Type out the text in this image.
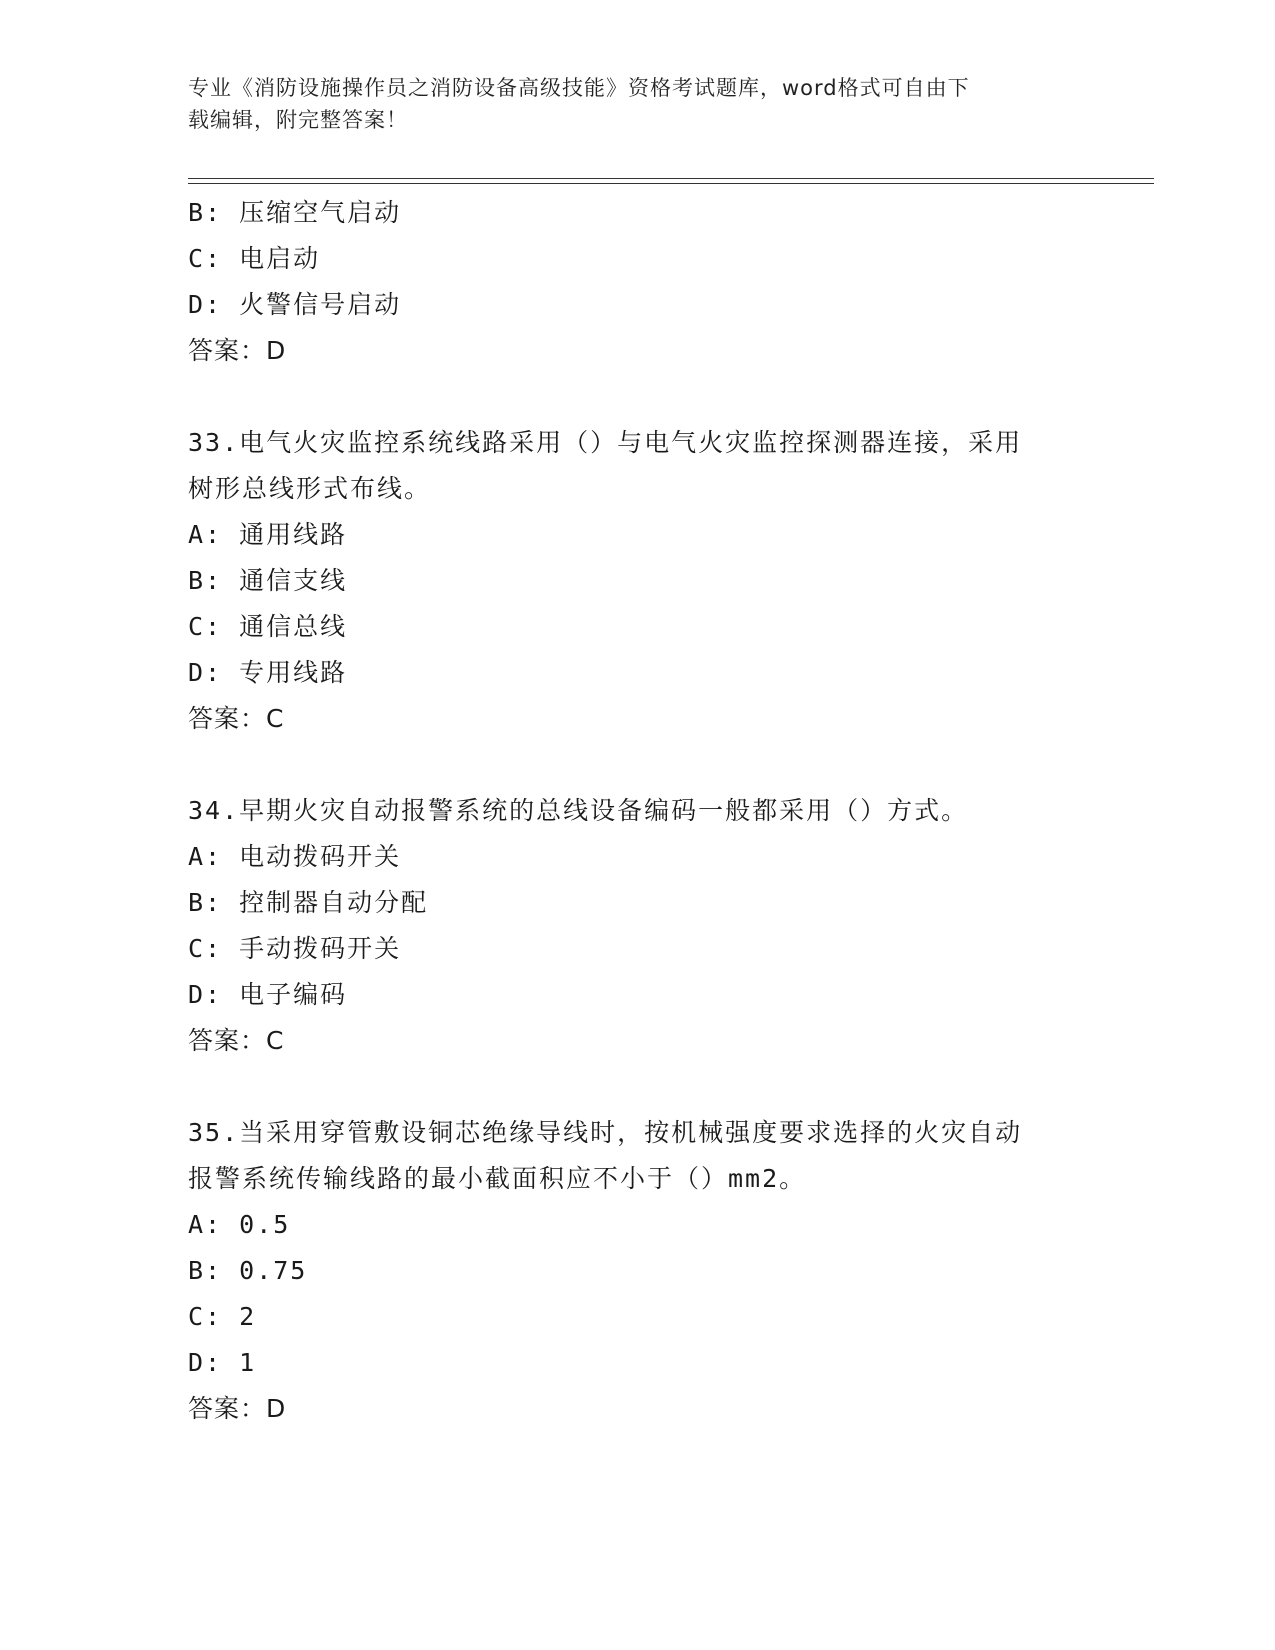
专业《消防设施操作员之消防设备高级技能》资格考试题库，word格式可自由下
载编辑，附完整答案！
B: 压缩空气启动
C: 电启动
D: 火警信号启动
答案：D
33.电气火灾监控系统线路采用（）与电气火灾监控探测器连接，采用
树形总线形式布线。
A: 通用线路
B: 通信支线
C: 通信总线
D: 专用线路
答案：C
34.早期火灾自动报警系统的总线设备编码一般都采用（）方式。
A: 电动拨码开关
B: 控制器自动分配
C: 手动拨码开关
D: 电子编码
答案：C
35.当采用穿管敷设铜芯绝缘导线时，按机械强度要求选择的火灾自动
报警系统传输线路的最小截面积应不小于（）mm2。
A: 0.5
B: 0.75
C: 2
D: 1
答案：D
